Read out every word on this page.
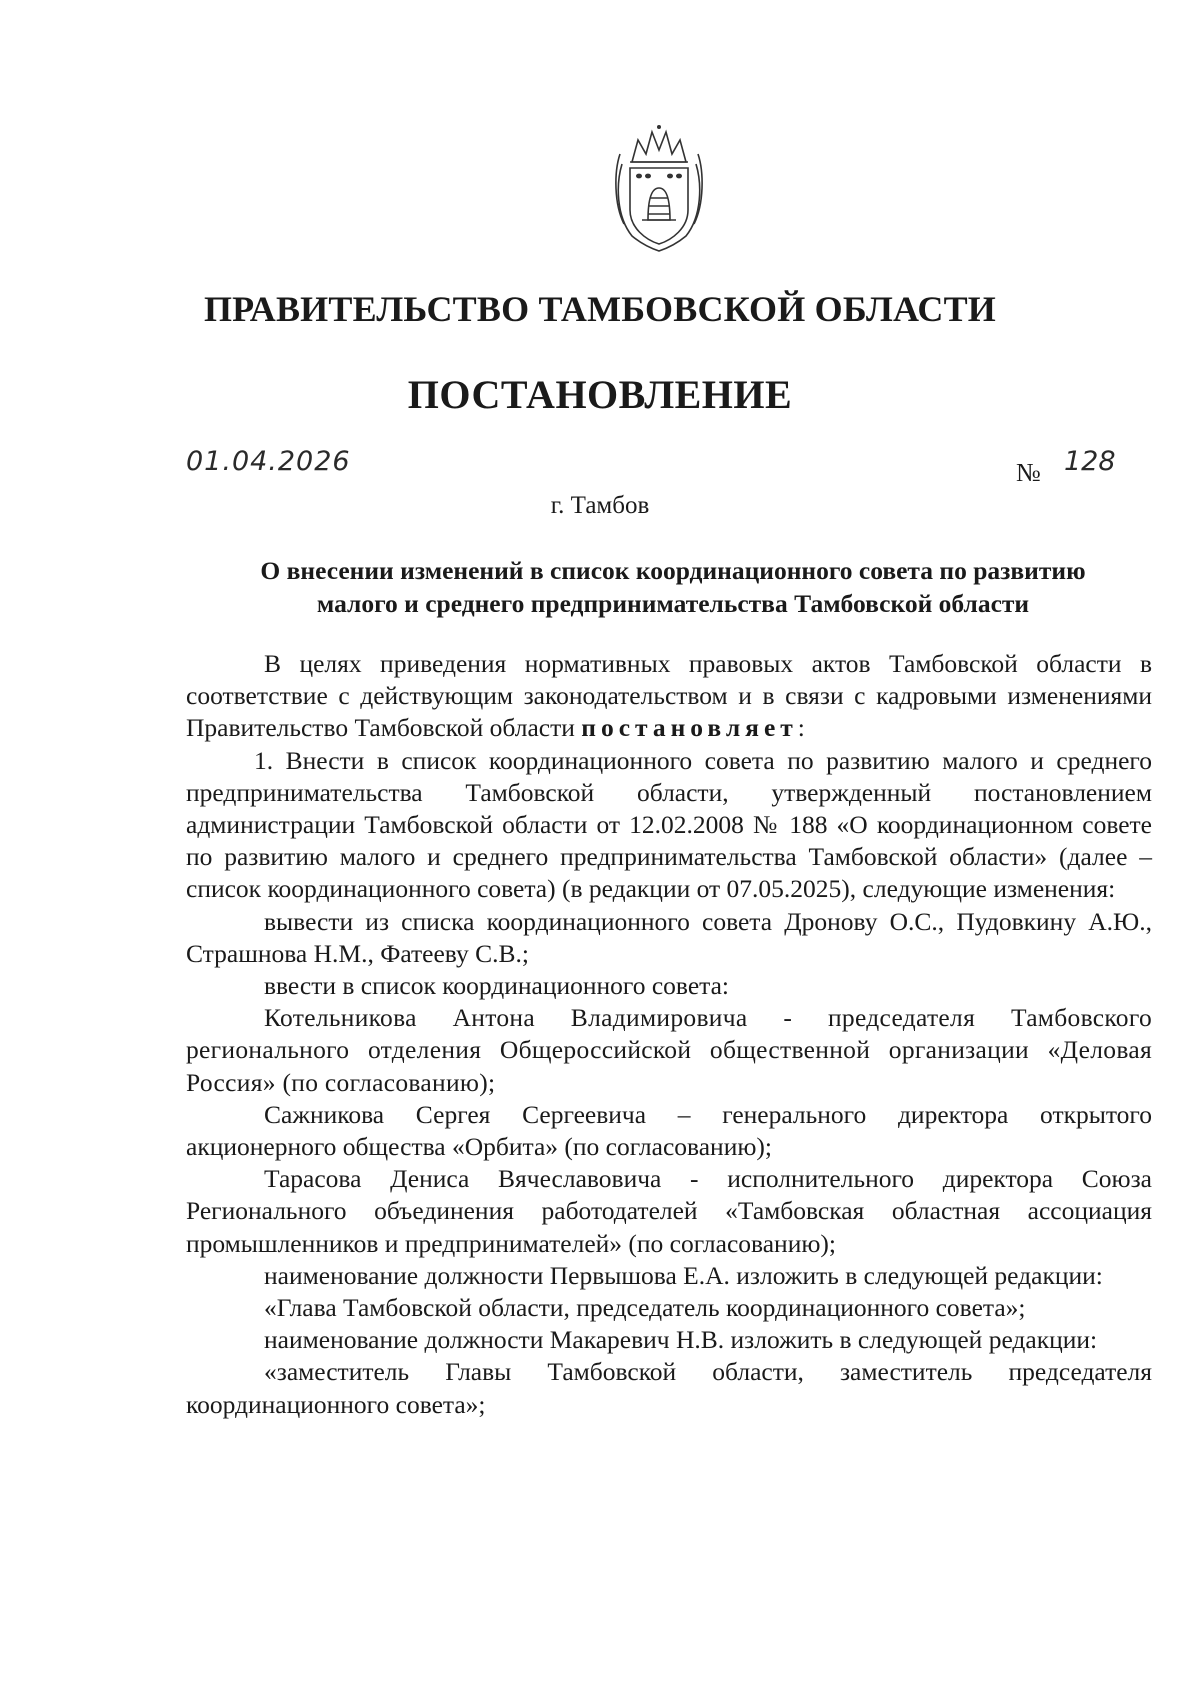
ПРАВИТЕЛЬСТВО ТАМБОВСКОЙ ОБЛАСТИ
ПОСТАНОВЛЕНИЕ
01.04.2026	№ 128
г. Тамбов
О внесении изменений в список координационного совета по развитию
малого и среднего предпринимательства Тамбовской области

В целях приведения нормативных правовых актов Тамбовской области в соответствие с действующим законодательством и в связи с кадровыми изменениями Правительство Тамбовской области постановляет:

1. Внести в список координационного совета по развитию малого и среднего предпринимательства Тамбовской области, утвержденный постановлением администрации Тамбовской области от 12.02.2008 № 188 «О координационном совете по развитию малого и среднего предпринимательства Тамбовской области» (далее – список координационного совета) (в редакции от 07.05.2025), следующие изменения:

вывести из списка координационного совета Дронову О.С., Пудовкину А.Ю., Страшнова Н.М., Фатееву С.В.;

ввести в список координационного совета:

Котельникова Антона Владимировича - председателя Тамбовского регионального отделения Общероссийской общественной организации «Деловая Россия» (по согласованию);

Сажникова Сергея Сергеевича – генерального директора открытого акционерного общества «Орбита» (по согласованию);

Тарасова Дениса Вячеславовича - исполнительного директора Союза Регионального объединения работодателей «Тамбовская областная ассоциация промышленников и предпринимателей» (по согласованию);

наименование должности Первышова Е.А. изложить в следующей редакции:

«Глава Тамбовской области, председатель координационного совета»;

наименование должности Макаревич Н.В. изложить в следующей редакции:

«заместитель Главы Тамбовской области, заместитель председателя координационного совета»;
